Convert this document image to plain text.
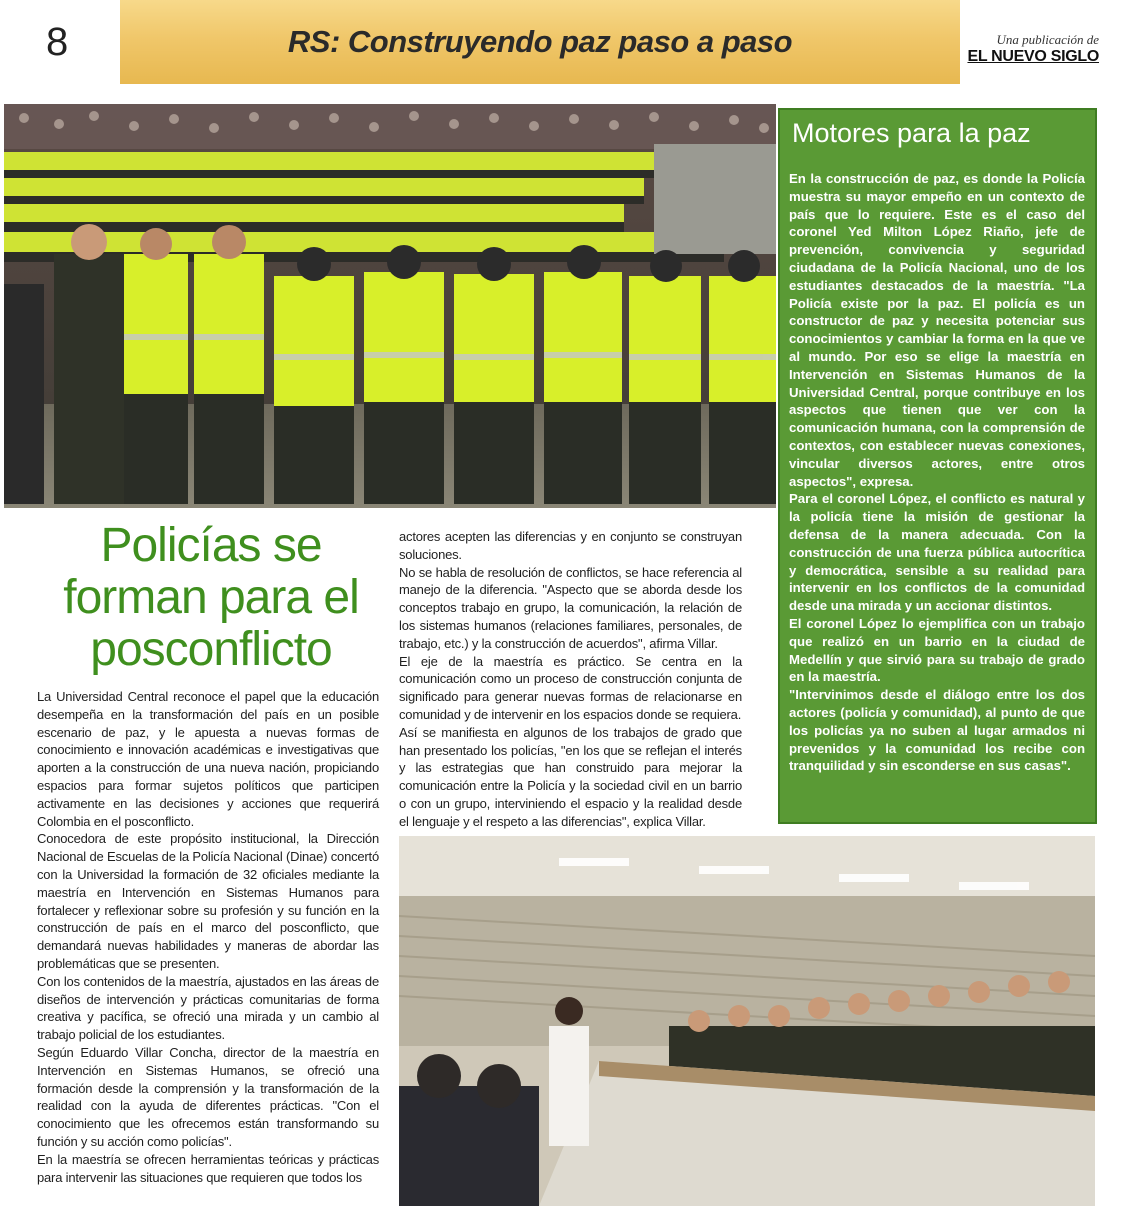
8	RS: Construyendo paz paso a paso	Una publicación de
EL NUEVO SIGLO
Motores para la paz

En la construcción de paz, es donde la Policía muestra su mayor empeño en un contexto de país que lo requiere. Este es el caso del coronel Yed Milton López Riaño, jefe de prevención, convivencia y seguridad ciudadana de la Policía Nacional, uno de los estudiantes destacados de la maestría. "La Policía existe por la paz. El policía es un constructor de paz y necesita potenciar sus conocimientos y cambiar la forma en la que ve al mundo. Por eso se elige la maestría en Intervención en Sistemas Humanos de la Universidad Central, porque contribuye en los aspectos que tienen que ver con la comunicación humana, con la comprensión de contextos, con establecer nuevas conexiones, vincular diversos actores, entre otros aspectos", expresa.

Para el coronel López, el conflicto es natural y la policía tiene la misión de gestionar la defensa de la manera adecuada. Con la construcción de una fuerza pública autocrítica y democrática, sensible a su realidad para intervenir en los conflictos de la comunidad desde una mirada y un accionar distintos.

El coronel López lo ejemplifica con un trabajo que realizó en un barrio en la ciudad de Medellín y que sirvió para su trabajo de grado en la maestría.

"Intervinimos desde el diálogo entre los dos actores (policía y comunidad), al punto de que los policías ya no suben al lugar armados ni prevenidos y la comunidad los recibe con tranquilidad y sin esconderse en sus casas".

Policías se forman para el posconflicto

La Universidad Central reconoce el papel que la educación desempeña en la transformación del país en un posible escenario de paz, y le apuesta a nuevas formas de conocimiento e innovación académicas e investigativas que aporten a la construcción de una nueva nación, propiciando espacios para formar sujetos políticos que participen activamente en las decisiones y acciones que requerirá Colombia en el posconflicto.

Conocedora de este propósito institucional, la Dirección Nacional de Escuelas de la Policía Nacional (Dinae) concertó con la Universidad la formación de 32 oficiales mediante la maestría en Intervención en Sistemas Humanos para fortalecer y reflexionar sobre su profesión y su función en la construcción de país en el marco del posconflicto, que demandará nuevas habilidades y maneras de abordar las problemáticas que se presenten.

Con los contenidos de la maestría, ajustados en las áreas de diseños de intervención y prácticas comunitarias de forma creativa y pacífica, se ofreció una mirada y un cambio al trabajo policial de los estudiantes.

Según Eduardo Villar Concha, director de la maestría en Intervención en Sistemas Humanos, se ofreció una formación desde la comprensión y la transformación de la realidad con la ayuda de diferentes prácticas. "Con el conocimiento que les ofrecemos están transformando su función y su acción como policías".

En la maestría se ofrecen herramientas teóricas y prácticas para intervenir las situaciones que requieren que todos los

actores acepten las diferencias y en conjunto se construyan soluciones.

No se habla de resolución de conflictos, se hace referencia al manejo de la diferencia. "Aspecto que se aborda desde los conceptos trabajo en grupo, la comunicación, la relación de los sistemas humanos (relaciones familiares, personales, de trabajo, etc.) y la construcción de acuerdos", afirma Villar.

El eje de la maestría es práctico. Se centra en la comunicación como un proceso de construcción conjunta de significado para generar nuevas formas de relacionarse en comunidad y de intervenir en los espacios donde se requiera.

Así se manifiesta en algunos de los trabajos de grado que han presentado los policías, "en los que se reflejan el interés y las estrategias que han construido para mejorar la comunicación entre la Policía y la sociedad civil en un barrio o con un grupo, interviniendo el espacio y la realidad desde el lenguaje y el respeto a las diferencias", explica Villar.
